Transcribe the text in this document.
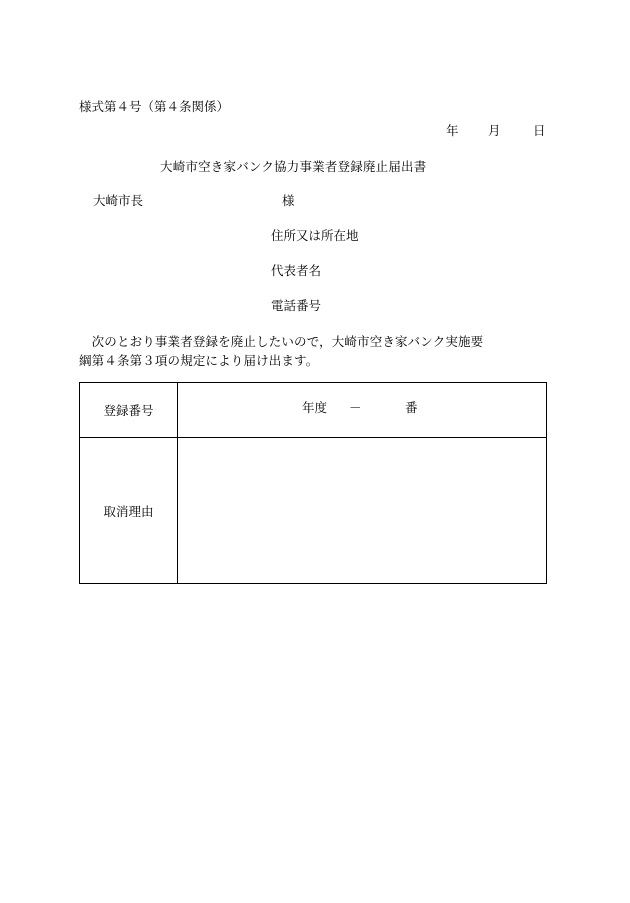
様式第４号（第４条関係）
年 月	日
大崎市空き家バンク協力事業者登録廃止届出書
大崎市長	様
住所又は所在地
代表者名
電話番号
　次のとおり事業者登録を廃止したいので，大崎市空き家バンク実施要
綱第４条第３項の規定により届け出ます。
登録番号	年度 － 番

取消理由	
